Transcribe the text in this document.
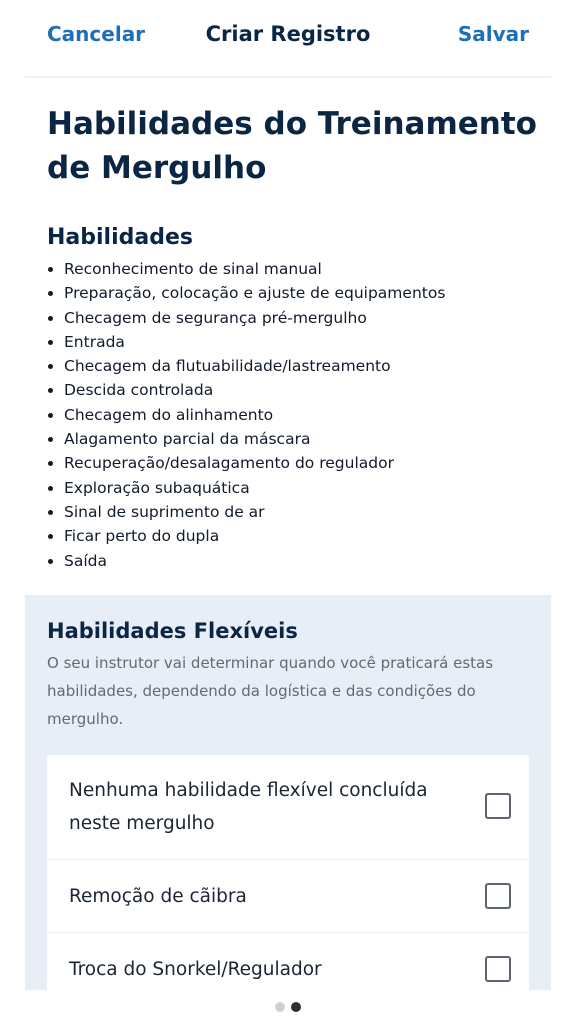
Cancelar	Criar Registro	Salvar
Habilidades do Treinamento de Mergulho
Habilidades
Reconhecimento de sinal manual
Preparação, colocação e ajuste de equipamentos
Checagem de segurança pré-mergulho
Entrada
Checagem da flutuabilidade/lastreamento
Descida controlada
Checagem do alinhamento
Alagamento parcial da máscara
Recuperação/desalagamento do regulador
Exploração subaquática
Sinal de suprimento de ar
Ficar perto do dupla
Saída
Habilidades Flexíveis

O seu instrutor vai determinar quando você praticará estas habilidades, dependendo da logística e das condições do mergulho.

Nenhuma habilidade flexível concluída neste mergulho
Remoção de cãibra
Troca do Snorkel/Regulador
